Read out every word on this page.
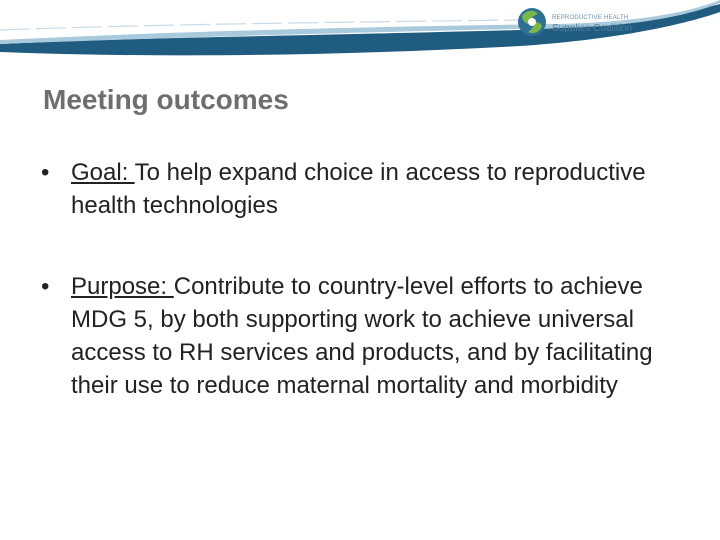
REPRODUCTIVE HEALTH
Supplies Coalition
Meeting outcomes
• Goal: To help expand choice in access to reproductive health technologies
• Purpose: Contribute to country-level efforts to achieve MDG 5, by both supporting work to achieve universal access to RH services and products, and by facilitating their use to reduce maternal mortality and morbidity
